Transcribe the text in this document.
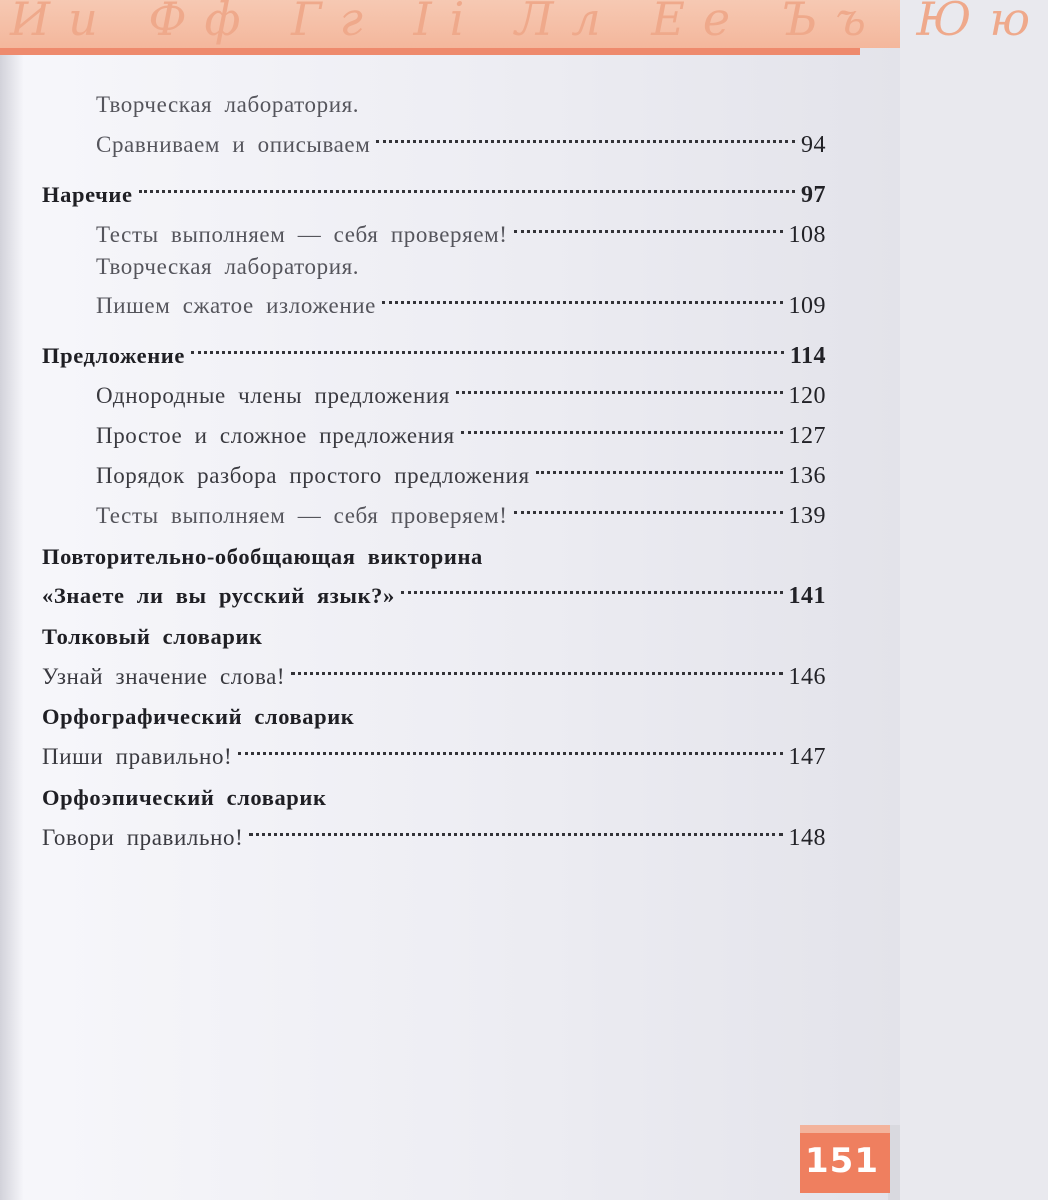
Ии Фф Гг Ii Лл Ее Ъъ Юю
Творческая лаборатория.
Сравниваем и описываем	94
Наречие	97
Тесты выполняем — себя проверяем!	108
Творческая лаборатория.
Пишем сжатое изложение	109
Предложение	114
Однородные члены предложения	120
Простое и сложное предложения	127
Порядок разбора простого предложения	136
Тесты выполняем — себя проверяем!	139
Повторительно-обобщающая викторина
«Знаете ли вы русский язык?»	141
Толковый словарик
Узнай значение слова!	146
Орфографический словарик
Пиши правильно!	147
Орфоэпический словарик
Говори правильно!	148
151
